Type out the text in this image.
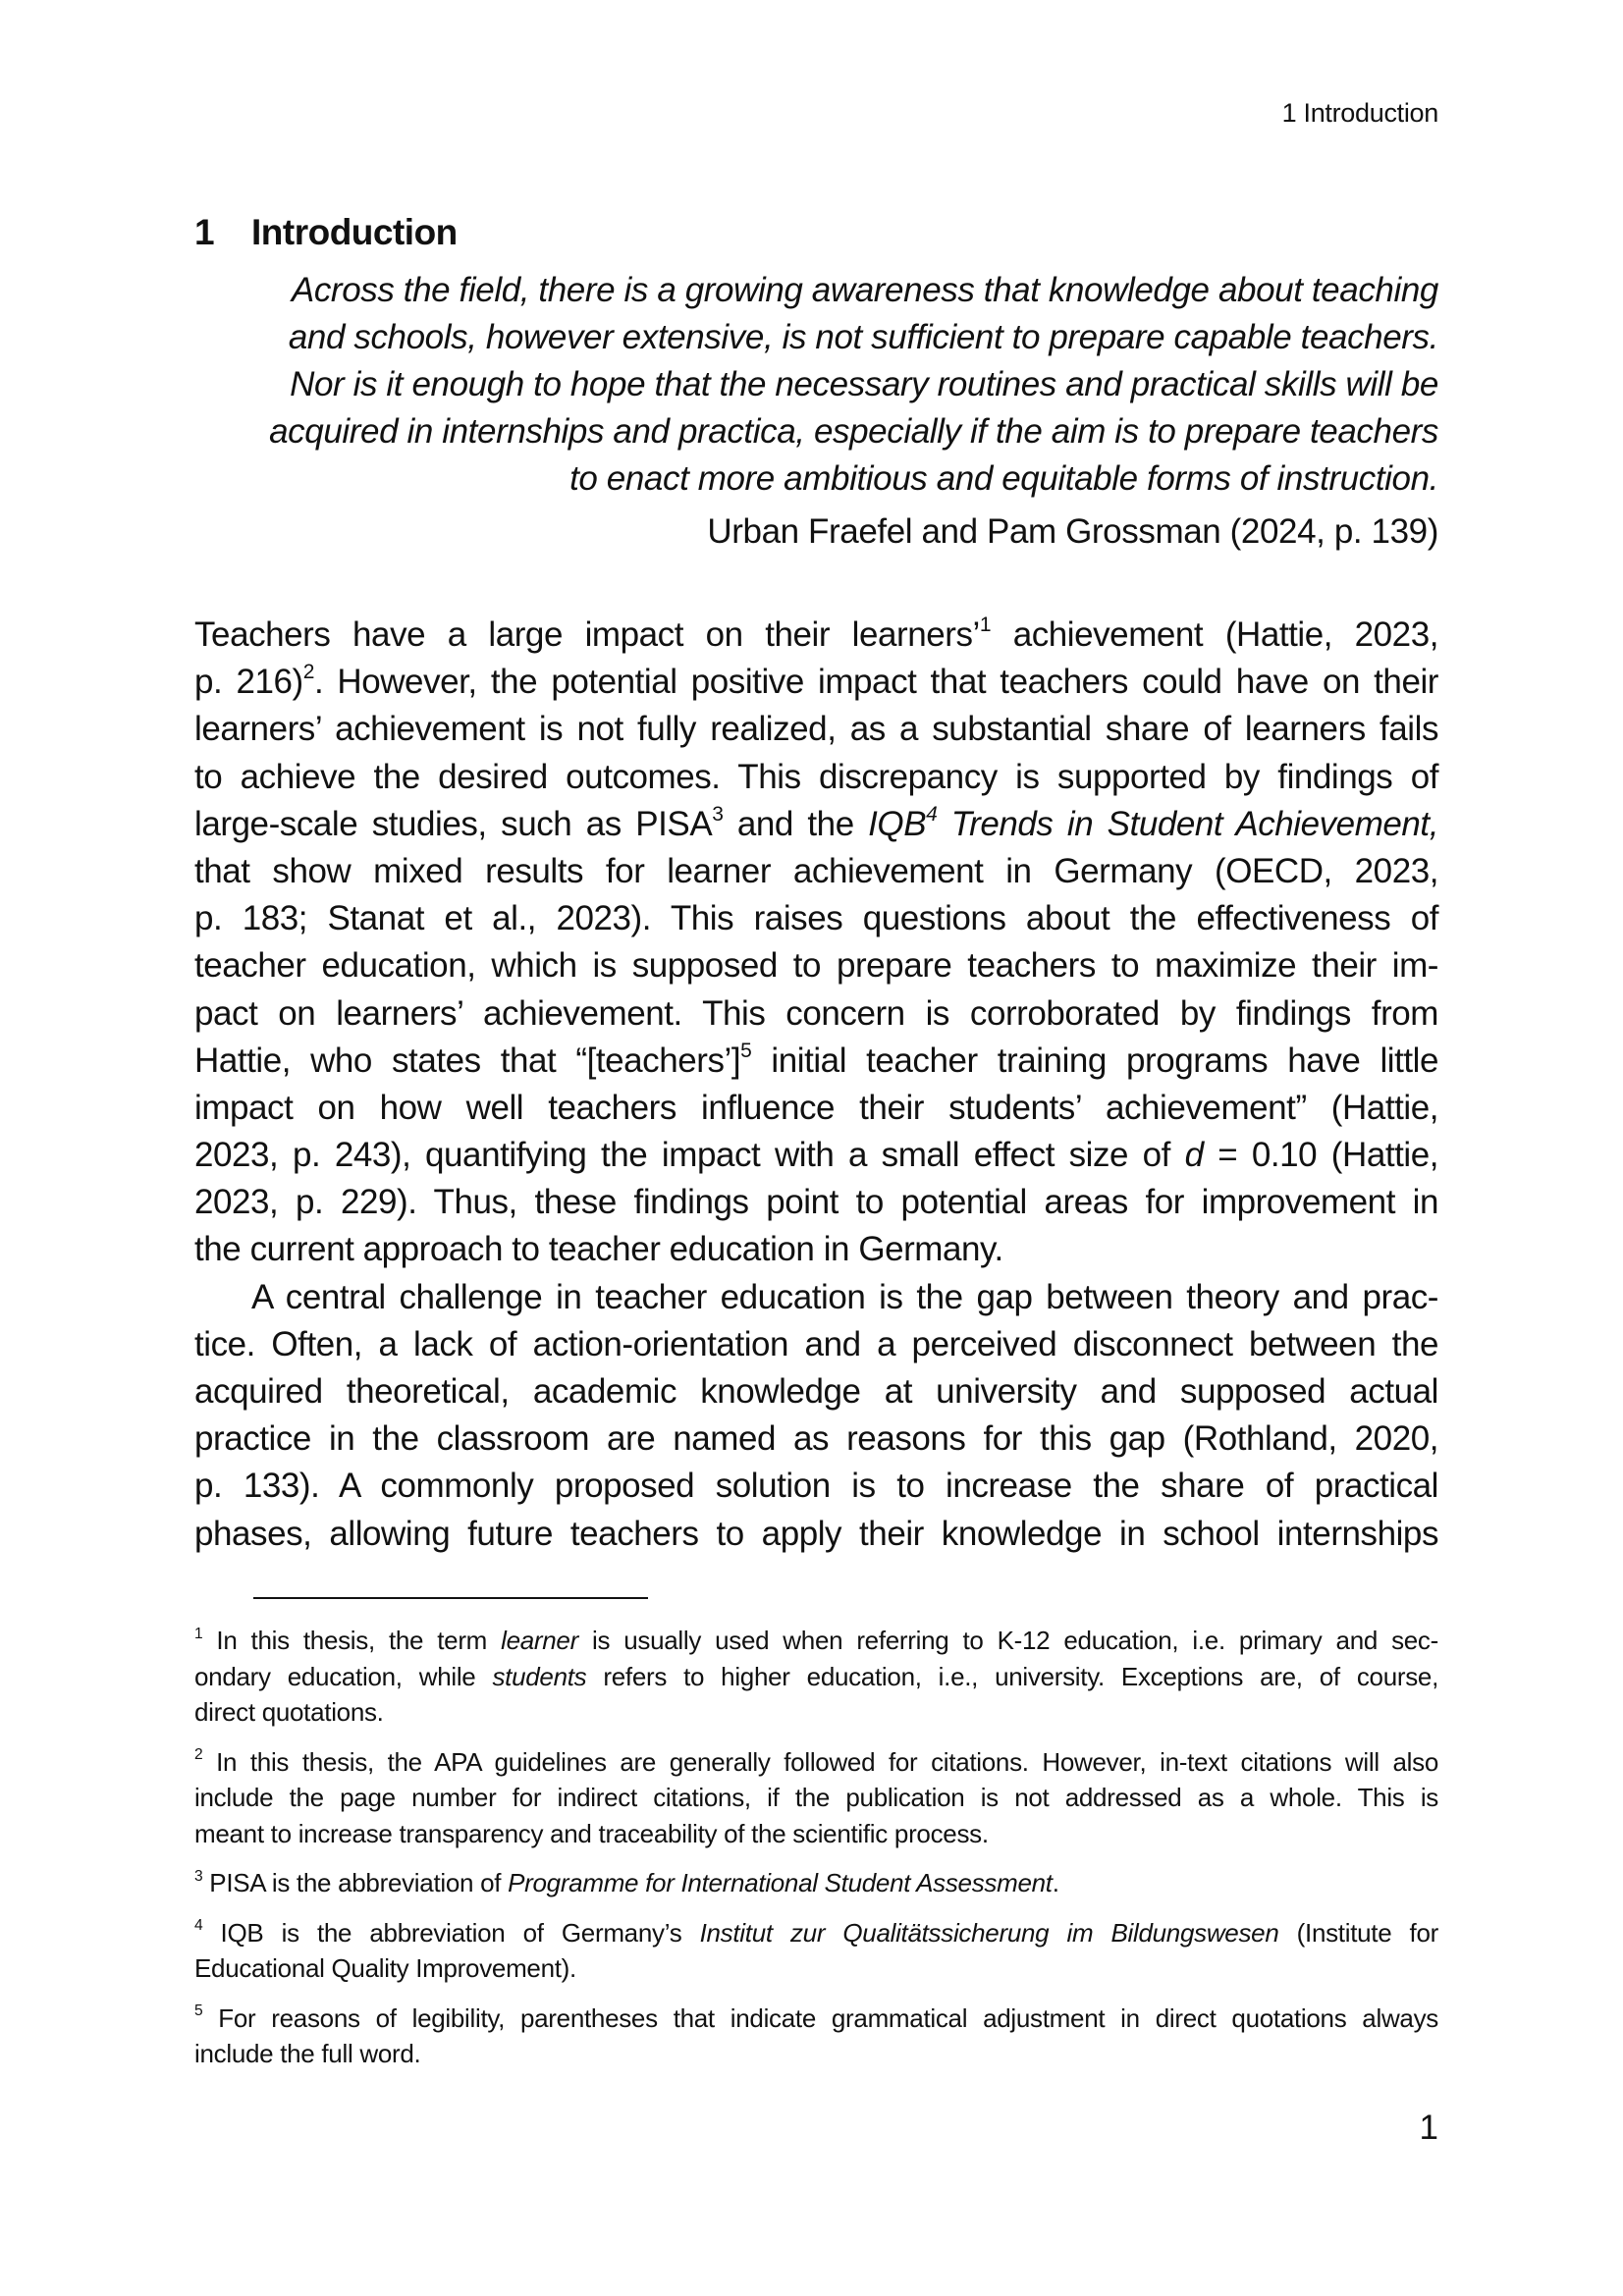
1 Introduction
1 Introduction
Across the field, there is a growing awareness that knowledge about teaching
and schools, however extensive, is not sufficient to prepare capable teachers.
Nor is it enough to hope that the necessary routines and practical skills will be
acquired in internships and practica, especially if the aim is to prepare teachers
to enact more ambitious and equitable forms of instruction.
Urban Fraefel and Pam Grossman (2024, p. 139)
Teachers have a large impact on their learners’$^1$ achievement (Hattie, 2023,
p. 216)$^2$. However, the potential positive impact that teachers could have on their
learners’ achievement is not fully realized, as a substantial share of learners fails
to achieve the desired outcomes. This discrepancy is supported by findings of
large-scale studies, such as PISA$^3$ and the IQB$^4$ Trends in Student Achievement,
that show mixed results for learner achievement in Germany (OECD, 2023,
p. 183; Stanat et al., 2023). This raises questions about the effectiveness of
teacher education, which is supposed to prepare teachers to maximize their im-
pact on learners’ achievement. This concern is corroborated by findings from
Hattie, who states that “[teachers’]$^5$ initial teacher training programs have little
impact on how well teachers influence their students’ achievement” (Hattie,
2023, p. 243), quantifying the impact with a small effect size of d = 0.10 (Hattie,
2023, p. 229). Thus, these findings point to potential areas for improvement in
the current approach to teacher education in Germany.
A central challenge in teacher education is the gap between theory and prac-
tice. Often, a lack of action-orientation and a perceived disconnect between the
acquired theoretical, academic knowledge at university and supposed actual
practice in the classroom are named as reasons for this gap (Rothland, 2020,
p. 133). A commonly proposed solution is to increase the share of practical
phases, allowing future teachers to apply their knowledge in school internships
$^1$ In this thesis, the term learner is usually used when referring to K-12 education, i.e. primary and sec-
ondary education, while students refers to higher education, i.e., university. Exceptions are, of course,
direct quotations.
$^2$ In this thesis, the APA guidelines are generally followed for citations. However, in-text citations will also
include the page number for indirect citations, if the publication is not addressed as a whole. This is
meant to increase transparency and traceability of the scientific process.
$^3$ PISA is the abbreviation of Programme for International Student Assessment.
$^4$ IQB is the abbreviation of Germany’s Institut zur Qualitätssicherung im Bildungswesen (Institute for
Educational Quality Improvement).
$^5$ For reasons of legibility, parentheses that indicate grammatical adjustment in direct quotations always
include the full word.
1
